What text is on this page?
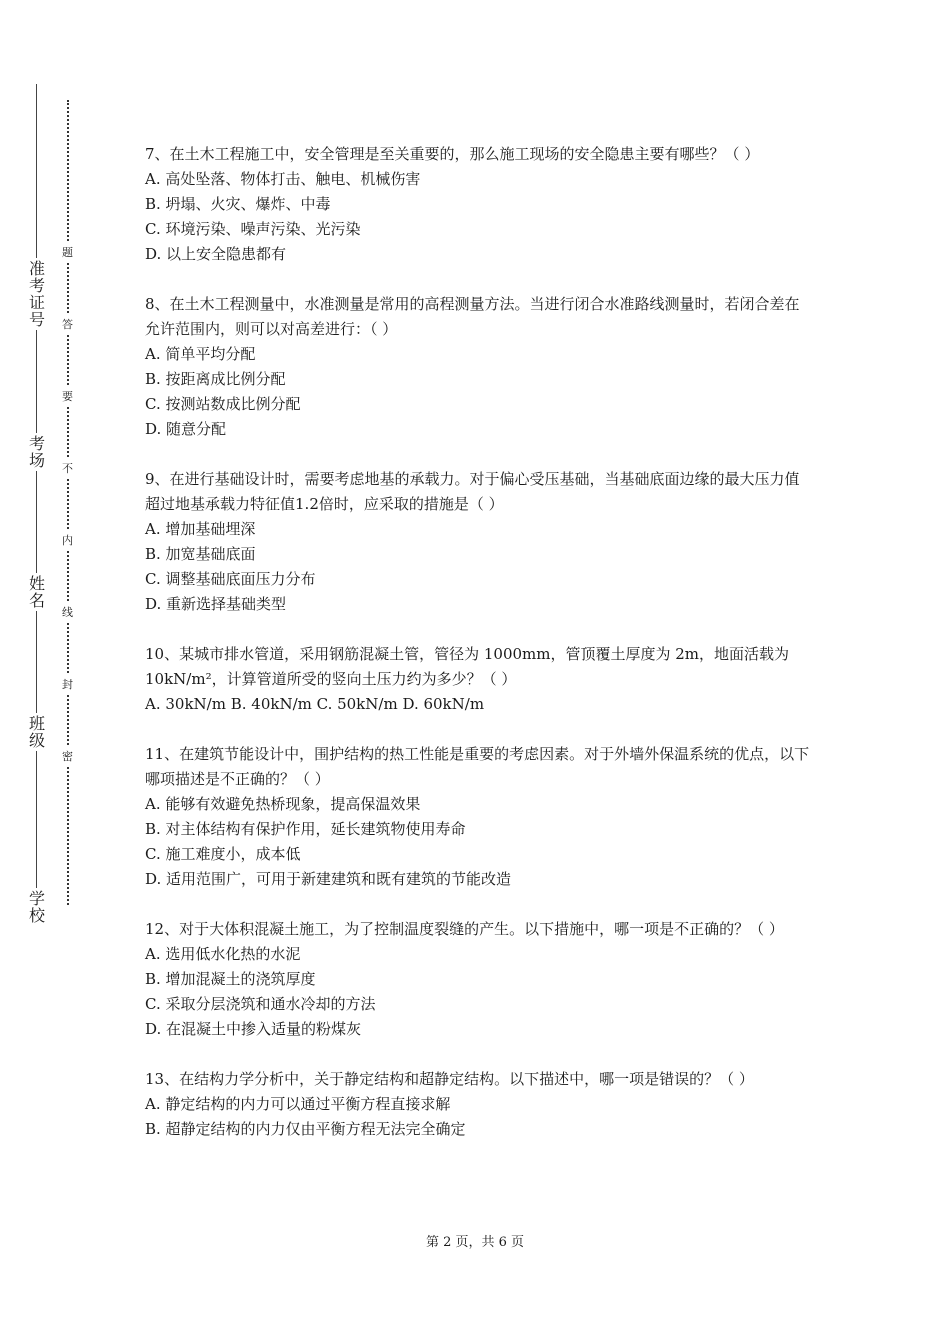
准
考
证
号
考
场
姓
名
班
级
学
校
题
答
要
不
内
线
封
密
7、在土木工程施工中，安全管理是至关重要的，那么施工现场的安全隐患主要有哪些？（ ）
A. 高处坠落、物体打击、触电、机械伤害
B. 坍塌、火灾、爆炸、中毒
C. 环境污染、噪声污染、光污染
D. 以上安全隐患都有
8、在土木工程测量中，水准测量是常用的高程测量方法。当进行闭合水准路线测量时，若闭合差在允许范围内，则可以对高差进行：（ ）
A. 简单平均分配
B. 按距离成比例分配
C. 按测站数成比例分配
D. 随意分配
9、在进行基础设计时，需要考虑地基的承载力。对于偏心受压基础，当基础底面边缘的最大压力值超过地基承载力特征值1.2倍时，应采取的措施是（ ）
A. 增加基础埋深
B. 加宽基础底面
C. 调整基础底面压力分布
D. 重新选择基础类型
10、某城市排水管道，采用钢筋混凝土管，管径为 1000mm，管顶覆土厚度为 2m，地面活载为 10kN/m²，计算管道所受的竖向土压力约为多少？（ ）
A. 30kN/m B. 40kN/m C. 50kN/m D. 60kN/m
11、在建筑节能设计中，围护结构的热工性能是重要的考虑因素。对于外墙外保温系统的优点，以下哪项描述是不正确的？（ ）
A. 能够有效避免热桥现象，提高保温效果
B. 对主体结构有保护作用，延长建筑物使用寿命
C. 施工难度小，成本低
D. 适用范围广，可用于新建建筑和既有建筑的节能改造
12、对于大体积混凝土施工，为了控制温度裂缝的产生。以下措施中，哪一项是不正确的？（ ）
A. 选用低水化热的水泥
B. 增加混凝土的浇筑厚度
C. 采取分层浇筑和通水冷却的方法
D. 在混凝土中掺入适量的粉煤灰
13、在结构力学分析中，关于静定结构和超静定结构。以下描述中，哪一项是错误的？（ ）
A. 静定结构的内力可以通过平衡方程直接求解
B. 超静定结构的内力仅由平衡方程无法完全确定
第 2 页，共 6 页
